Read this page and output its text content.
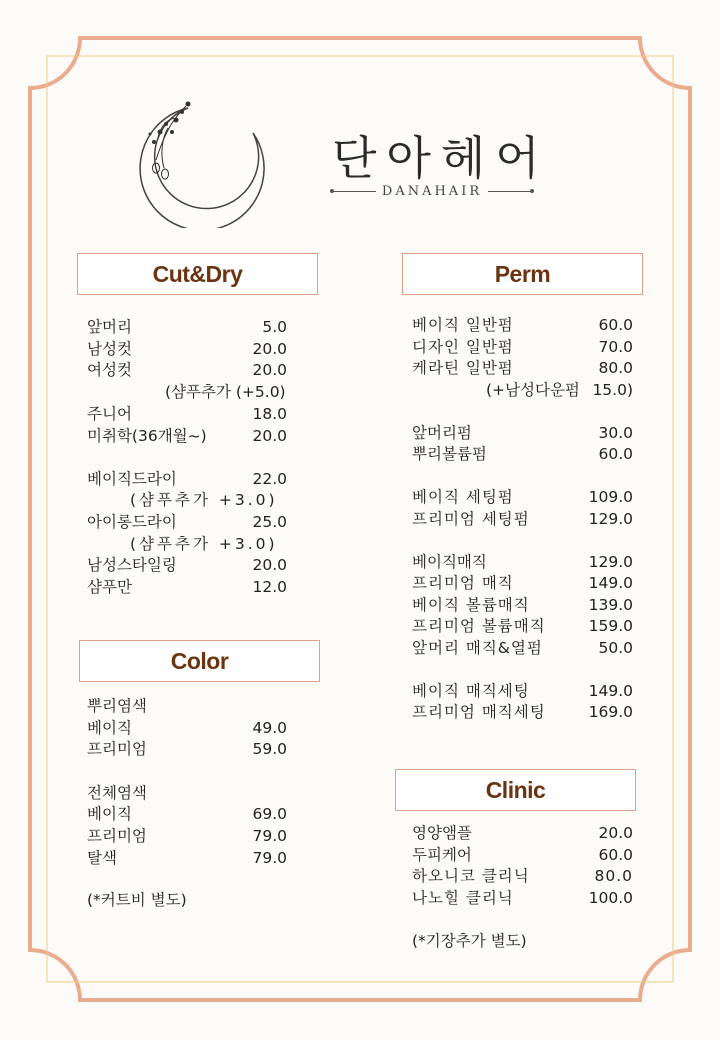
단아헤어
DANAHAIR
Cut&Dry
앞머리	5.0
남성컷	20.0
여성컷	20.0
(샴푸추가 (+5.0)
주니어	18.0
미취학(36개월~)	20.0
베이직드라이	22.0
(샴푸추가 +3.0)
아이롱드라이	25.0
(샴푸추가 +3.0)
남성스타일링	20.0
샴푸만	12.0
Color
뿌리염색
베이직	49.0
프리미엄	59.0
전체염색
베이직	69.0
프리미엄	79.0
탈색	79.0
(*커트비 별도)
Perm
베이직 일반펌	60.0
디자인 일반펌	70.0
케라틴 일반펌	80.0
(+남성다운펌 15.0)
앞머리펌	30.0
뿌리볼륨펌	60.0
베이직 세팅펌	109.0
프리미엄 세팅펌	129.0
베이직매직	129.0
프리미엄 매직	149.0
베이직 볼륨매직	139.0
프리미엄 볼륨매직	159.0
앞머리 매직&열펌	50.0
베이직 매직세팅	149.0
프리미엄 매직세팅	169.0
Clinic
영양앰플	20.0
두피케어	60.0
하오니코 클리닉	80.0
나노힐 클리닉	100.0
(*기장추가 별도)
